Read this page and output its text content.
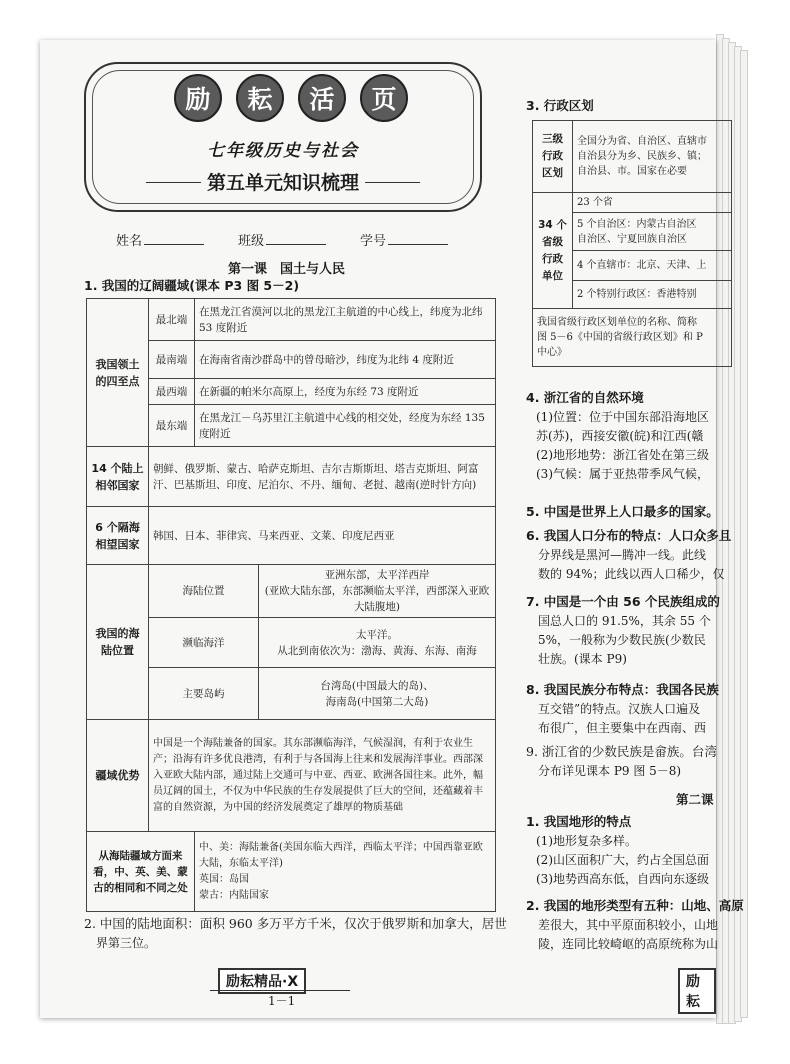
励	耘	活	页
七年级历史与社会
第五单元知识梳理
姓名	班级	学号
第一课　国土与人民
1. 我国的辽阔疆域(课本 P3 图 5－2)
我国领土的四至点	最北端	在黑龙江省漠河以北的黑龙江主航道的中心线上，纬度为北纬 53 度附近	
	最南端	在海南省南沙群岛中的曾母暗沙，纬度为北纬 4 度附近	
	最西端	在新疆的帕米尔高原上，经度为东经 73 度附近	
	最东端	在黑龙江－乌苏里江主航道中心线的相交处，经度为东经 135 度附近	
14 个陆上相邻国家	朝鲜、俄罗斯、蒙古、哈萨克斯坦、吉尔吉斯斯坦、塔吉克斯坦、阿富汗、巴基斯坦、印度、尼泊尔、不丹、缅甸、老挝、越南(逆时针方向)		
6 个隔海相望国家	韩国、日本、菲律宾、马来西亚、文莱、印度尼西亚		
我国的海陆位置	海陆位置		亚洲东部，太平洋西岸
(亚欧大陆东部，东部濒临太平洋，西部深入亚欧大陆腹地)

	濒临海洋		太平洋。
从北到南依次为：渤海、黄海、东海、南海

	主要岛屿		台湾岛(中国最大的岛)、
海南岛(中国第二大岛)

疆域优势	中国是一个海陆兼备的国家。其东部濒临海洋，气候湿润，有利于农业生产；沿海有许多优良港湾，有利于与各国海上往来和发展海洋事业。西部深入亚欧大陆内部，通过陆上交通可与中亚、西亚、欧洲各国往来。此外，幅员辽阔的国土，不仅为中华民族的生存发展提供了巨大的空间，还蕴藏着丰富的自然资源，为中国的经济发展奠定了雄厚的物质基础		
从海陆疆域方面来看，中、英、美、蒙古的相同和不同之处		中、美：海陆兼备(美国东临大西洋，西临太平洋；中国西靠亚欧大陆，东临太平洋)
英国：岛国
蒙古：内陆国家	
2. 中国的陆地面积：面积 960 多万平方千米，仅次于俄罗斯和加拿大，居世
界第三位。
励耘精品·X
1－1
励耘
3. 行政区划
三级行政区划	全国分为省、自治区、直辖市
自治县分为乡、民族乡、镇；
自治县、市。国家在必要

34 个省级行政单位	23 个省

	5 个自治区：内蒙古自治区
自治区、宁夏回族自治区

	4 个直辖市：北京、天津、上
	2 个特别行政区：香港特别

我国省级行政区划单位的名称、简称
图 5－6《中国的省级行政区划》和 P
中心》	
4. 浙江省的自然环境
(1)位置：位于中国东部沿海地区
苏(苏)，西接安徽(皖)和江西(赣
(2)地形地势：浙江省处在第三级
(3)气候：属于亚热带季风气候，
5. 中国是世界上人口最多的国家。
6. 我国人口分布的特点：人口众多且
分界线是黑河—腾冲一线。此线
数的 94%；此线以西人口稀少，仅
7. 中国是一个由 56 个民族组成的
国总人口的 91.5%，其余 55 个
5%，一般称为少数民族(少数民
壮族。(课本 P9)
8. 我国民族分布特点：我国各民族
互交错”的特点。汉族人口遍及
布很广，但主要集中在西南、西
9. 浙江省的少数民族是畲族。台湾
分布详见课本 P9 图 5－8)
第二课
1. 我国地形的特点
(1)地形复杂多样。
(2)山区面积广大，约占全国总面
(3)地势西高东低，自西向东逐级
2. 我国的地形类型有五种：山地、高原
差很大，其中平原面积较小，山地
陵，连同比较崎岖的高原统称为山
